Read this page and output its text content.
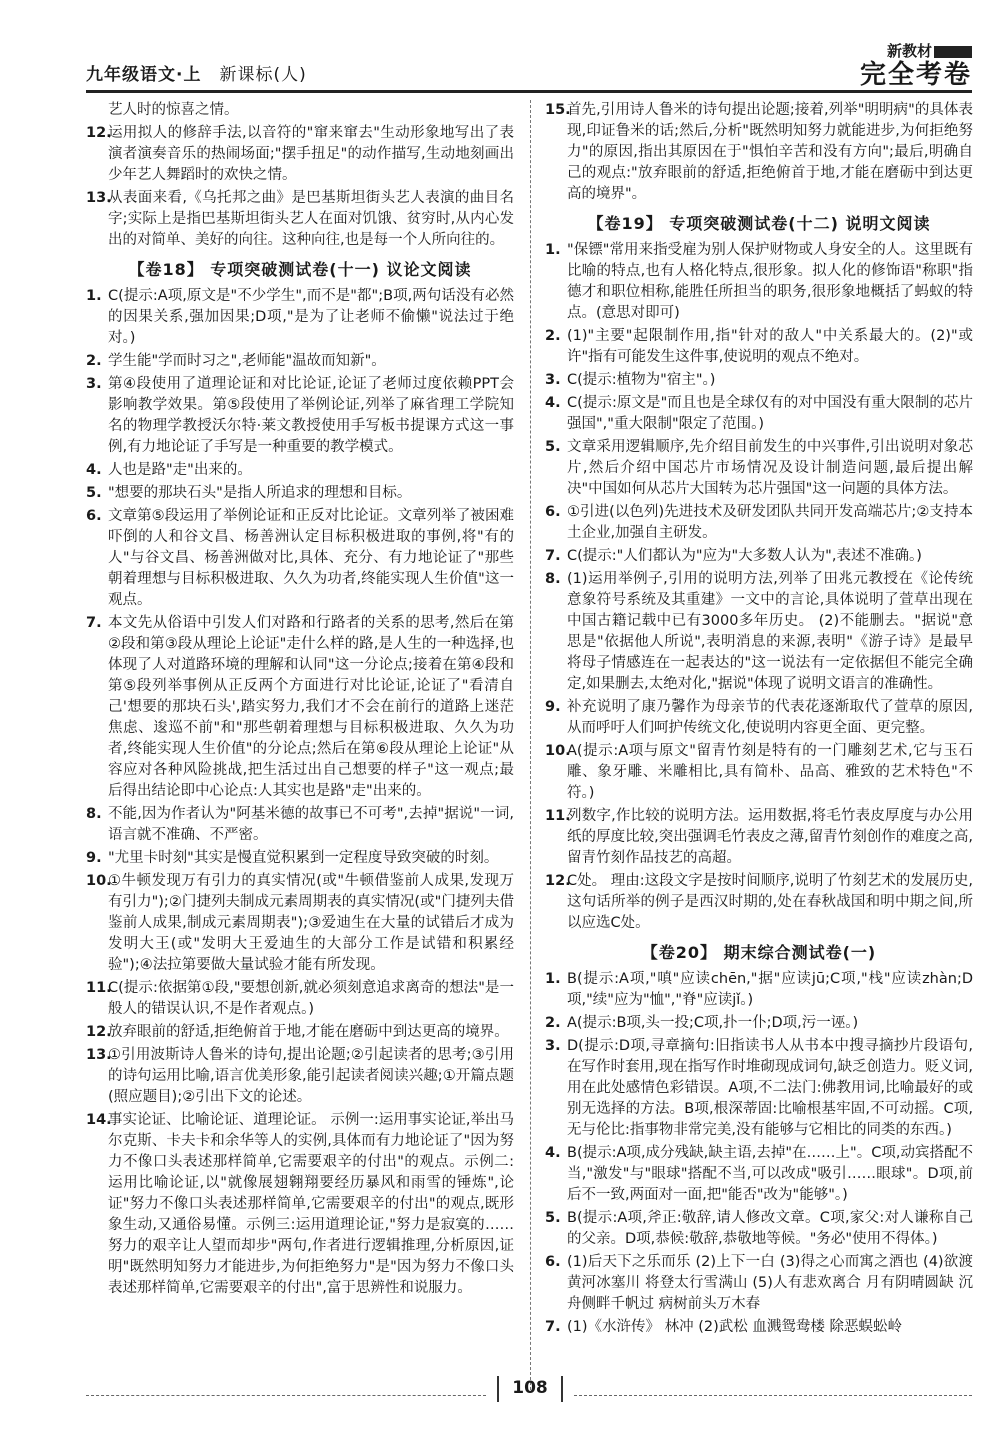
九年级语文·上 新课标(人)
新教材
完全考卷
艺人时的惊喜之情。
12.
运用拟人的修辞手法,以音符的"窜来窜去"生动形象地写出了表演者演奏音乐的热闹场面;"摆手扭足"的动作描写,生动地刻画出少年艺人舞蹈时的欢快之情。
13.
从表面来看,《乌托邦之曲》是巴基斯坦街头艺人表演的曲目名字;实际上是指巴基斯坦街头艺人在面对饥饿、贫穷时,从内心发出的对简单、美好的向往。这种向往,也是每一个人所向往的。
【卷18】 专项突破测试卷(十一) 议论文阅读
1. C(提示:A项,原文是"不少学生",而不是"都";B项,两句话没有必然的因果关系,强加因果;D项,"是为了让老师不偷懒"说法过于绝对。)
2. 学生能"学而时习之",老师能"温故而知新"。
3. 第④段使用了道理论证和对比论证,论证了老师过度依赖PPT会影响教学效果。第⑤段使用了举例论证,列举了麻省理工学院知名的物理学教授沃尔特·莱文教授使用手写板书提课方式这一事例,有力地论证了手写是一种重要的教学模式。
4. 人也是路"走"出来的。
5. "想要的那块石头"是指人所追求的理想和目标。
6. 文章第⑤段运用了举例论证和正反对比论证。文章列举了被困难吓倒的人和谷文昌、杨善洲认定目标积极进取的事例,将"有的人"与谷文昌、杨善洲做对比,具体、充分、有力地论证了"那些朝着理想与目标积极进取、久久为功者,终能实现人生价值"这一观点。
7. 本文先从俗语中引发人们对路和行路者的关系的思考,然后在第②段和第③段从理论上论证"走什么样的路,是人生的一种选择,也体现了人对道路环境的理解和认同"这一分论点;接着在第④段和第⑤段列举事例从正反两个方面进行对比论证,论证了"看清自己'想要的那块石头',踏实努力,我们才不会在前行的道路上迷茫焦虑、逡巡不前"和"那些朝着理想与目标积极进取、久久为功者,终能实现人生价值"的分论点;然后在第⑥段从理论上论证"从容应对各种风险挑战,把生活过出自己想要的样子"这一观点;最后得出结论即中心论点:人其实也是路"走"出来的。
8. 不能,因为作者认为"阿基米德的故事已不可考",去掉"据说"一词,语言就不准确、不严密。
9. "尤里卡时刻"其实是慢直觉积累到一定程度导致突破的时刻。
10.
①牛顿发现万有引力的真实情况(或"牛顿借鉴前人成果,发现万有引力");②门捷列夫制成元素周期表的真实情况(或"门捷列夫借鉴前人成果,制成元素周期表");③爱迪生在大量的试错后才成为发明大王(或"发明大王爱迪生的大部分工作是试错和积累经验");④法拉第要做大量试验才能有所发现。
11.
C(提示:依据第①段,"要想创新,就必须刻意追求离奇的想法"是一般人的错误认识,不是作者观点。)
12.
放弃眼前的舒适,拒绝俯首于地,才能在磨砺中到达更高的境界。
13.
①引用波斯诗人鲁米的诗句,提出论题;②引起读者的思考;③引用的诗句运用比喻,语言优美形象,能引起读者阅读兴趣;①开篇点题(照应题目);②引出下文的论述。
14.
事实论证、比喻论证、道理论证。 示例一:运用事实论证,举出马尔克斯、卡夫卡和余华等人的实例,具体而有力地论证了"因为努力不像口头表述那样简单,它需要艰辛的付出"的观点。示例二:运用比喻论证,以"就像展翅翱翔要经历暴风和雨雪的锤炼",论证"努力不像口头表述那样简单,它需要艰辛的付出"的观点,既形象生动,又通俗易懂。示例三:运用道理论证,"努力是寂寞的……努力的艰辛让人望而却步"两句,作者进行逻辑推理,分析原因,证明"既然明知努力才能进步,为何拒绝努力"是"因为努力不像口头表述那样简单,它需要艰辛的付出",富于思辨性和说服力。
15.
首先,引用诗人鲁米的诗句提出论题;接着,列举"明明病"的具体表现,印证鲁米的话;然后,分析"既然明知努力就能进步,为何拒绝努力"的原因,指出其原因在于"惧怕辛苦和没有方向";最后,明确自己的观点:"放弃眼前的舒适,拒绝俯首于地,才能在磨砺中到达更高的境界"。
【卷19】 专项突破测试卷(十二) 说明文阅读
1. "保镖"常用来指受雇为别人保护财物或人身安全的人。这里既有比喻的特点,也有人格化特点,很形象。拟人化的修饰语"称职"指德才和职位相称,能胜任所担当的职务,很形象地概括了蚂蚁的特点。(意思对即可)
2. (1)"主要"起限制作用,指"针对的敌人"中关系最大的。(2)"或许"指有可能发生这件事,使说明的观点不绝对。
3. C(提示:植物为"宿主"。)
4. C(提示:原文是"而且也是全球仅有的对中国没有重大限制的芯片强国","重大限制"限定了范围。)
5. 文章采用逻辑顺序,先介绍目前发生的中兴事件,引出说明对象芯片,然后介绍中国芯片市场情况及设计制造问题,最后提出解决"中国如何从芯片大国转为芯片强国"这一问题的具体方法。
6. ①引进(以色列)先进技术及研发团队共同开发高端芯片;②支持本土企业,加强自主研发。
7. C(提示:"人们都认为"应为"大多数人认为",表述不准确。)
8. (1)运用举例子,引用的说明方法,列举了田兆元教授在《论传统意象符号系统及其重建》一文中的言论,具体说明了萱草出现在中国古籍记载中已有3000多年历史。 (2)不能删去。"据说"意思是"依据他人所说",表明消息的来源,表明"《游子诗》是最早将母子情感连在一起表达的"这一说法有一定依据但不能完全确定,如果删去,太绝对化,"据说"体现了说明文语言的准确性。
9. 补充说明了康乃馨作为母亲节的代表花逐渐取代了萱草的原因,从而呼吁人们呵护传统文化,使说明内容更全面、更完整。
10.
A(提示:A项与原文"留青竹刻是特有的一门雕刻艺术,它与玉石雕、象牙雕、米雕相比,具有简朴、品高、雅致的艺术特色"不符。)
11.
列数字,作比较的说明方法。运用数据,将毛竹表皮厚度与办公用纸的厚度比较,突出强调毛竹表皮之薄,留青竹刻创作的难度之高,留青竹刻作品技艺的高超。
12.
C处。 理由:这段文字是按时间顺序,说明了竹刻艺术的发展历史,这句话所举的例子是西汉时期的,处在春秋战国和明中期之间,所以应选C处。
【卷20】 期末综合测试卷(一)
1. B(提示:A项,"嗔"应读chēn,"据"应读jū;C项,"栈"应读zhàn;D项,"续"应为"恤","脊"应读jǐ。)
2. A(提示:B项,头一投;C项,扑一仆;D项,污一诬。)
3. D(提示:D项,寻章摘句:旧指读书人从书本中搜寻摘抄片段语句,在写作时套用,现在指写作时堆砌现成词句,缺乏创造力。贬义词,用在此处感情色彩错误。A项,不二法门:佛教用词,比喻最好的或别无选择的方法。B项,根深蒂固:比喻根基牢固,不可动摇。C项,无与伦比:指事物非常完美,没有能够与它相比的同类的东西。)
4. B(提示:A项,成分残缺,缺主语,去掉"在……上"。C项,动宾搭配不当,"激发"与"眼球"搭配不当,可以改成"吸引……眼球"。D项,前后不一致,两面对一面,把"能否"改为"能够"。)
5. B(提示:A项,斧正:敬辞,请人修改文章。C项,家父:对人谦称自己的父亲。D项,恭候:敬辞,恭敬地等候。"务必"使用不得体。)
6. (1)后天下之乐而乐 (2)上下一白 (3)得之心而寓之酒也 (4)欲渡黄河冰塞川 将登太行雪满山 (5)人有悲欢离合 月有阴晴圆缺 沉舟侧畔千帆过 病树前头万木春
7. (1)《水浒传》 林冲 (2)武松 血溅鸳鸯楼 除恶蜈蚣岭
108
